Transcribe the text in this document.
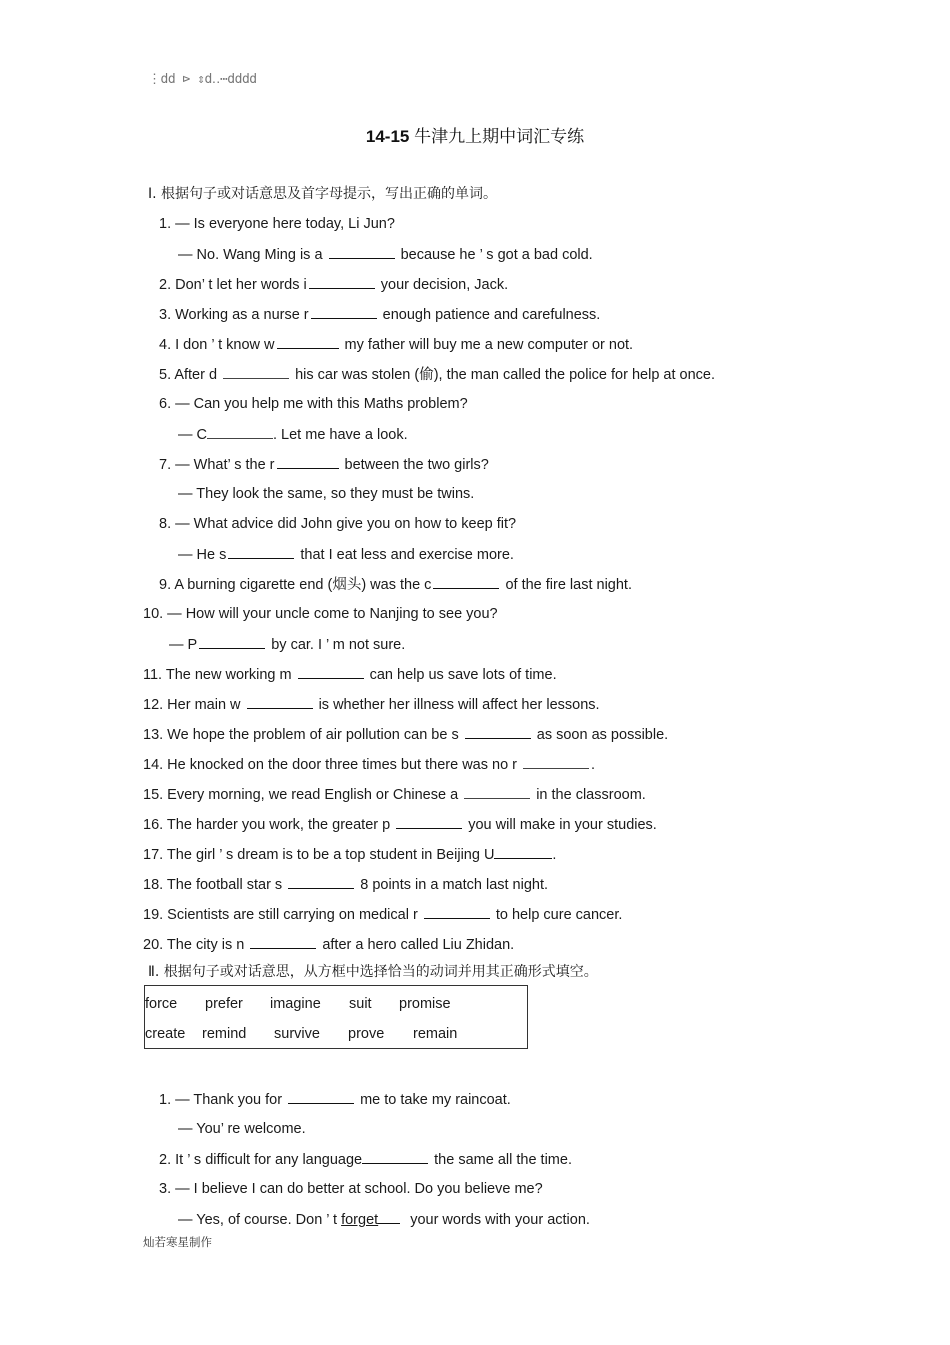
⋮dd ⊳ ⇕d‥⋯dddd
14-15 牛津九上期中词汇专练
Ⅰ. 根据句子或对话意思及首字母提示，写出正确的单词。
1. — Is everyone here today, Li Jun?
— No. Wang Ming is a	because he ’ s got a bad cold.
2. Don’ t let her words i	your decision, Jack.
3. Working as a nurse r	enough patience and carefulness.
4. I don ’ t know w	my father will buy me a new computer or not.
5. After d	his car was stolen (偷), the man called the police for help at once.
6. — Can you help me with this Maths problem?
— C	. Let me have a look.
7. — What’ s the r	between the two girls?
— They look the same, so they must be twins.
8. — What advice did John give you on how to keep fit?
— He s	that I eat less and exercise more.
9. A burning cigarette end (烟头) was the c	of the fire last night.
10. — How will your uncle come to Nanjing to see you?
— P	by car. I ’ m not sure.
11. The new working m	can help us save lots of time.
12. Her main w	is whether her illness will affect her lessons.
13. We hope the problem of air pollution can be s	as soon as possible.
14. He knocked on the door three times but there was no r	.
15. Every morning, we read English or Chinese a	in the classroom.
16. The harder you work, the greater p	you will make in your studies.
17. The girl ’ s dream is to be a top student in Beijing U	.
18. The football star s	8 points in a match last night.
19. Scientists are still carrying on medical r	to help cure cancer.
20. The city is n	after a hero called Liu Zhidan.
Ⅱ. 根据句子或对话意思，从方框中选择恰当的动词并用其正确形式填空。
force prefer imagine suit promise
create remind survive prove remain
1. — Thank you for	me to take my raincoat.
— You’ re welcome.
2. It ’ s difficult for any language	the same all the time.
3. — I believe I can do better at school. Do you believe me?
— Yes, of course. Don ’ t forget your words with your action.
灿若寒星制作
